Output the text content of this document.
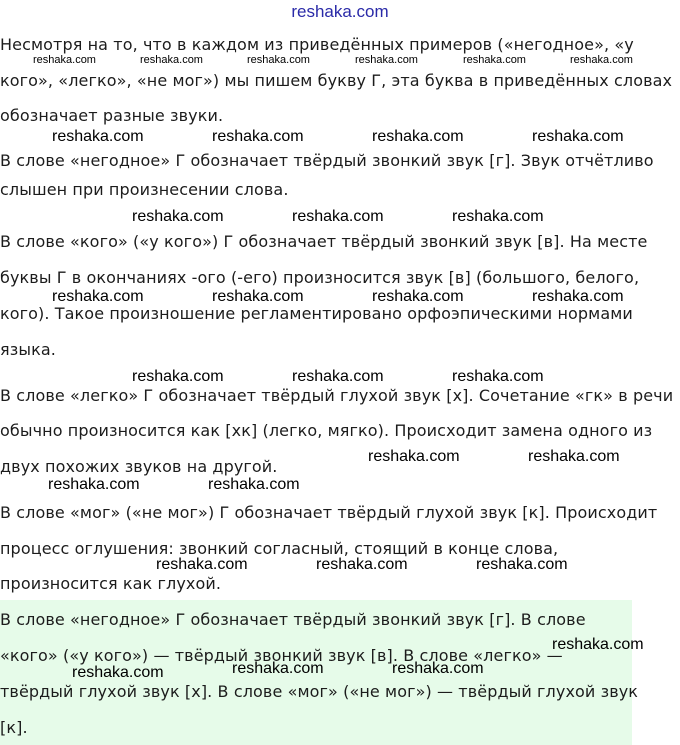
reshaka.com
Несмотря на то, что в каждом из приведённых примеров («негодное», «у
кого», «легко», «не мог») мы пишем букву Г, эта буква в приведённых словах
обозначает разные звуки.
В слове «негодное» Г обозначает твёрдый звонкий звук [г]. Звук отчётливо
слышен при произнесении слова.
В слове «кого» («у кого») Г обозначает твёрдый звонкий звук [в]. На месте
буквы Г в окончаниях -ого (-его) произносится звук [в] (большого, белого,
кого). Такое произношение регламентировано орфоэпическими нормами
языка.
В слове «легко» Г обозначает твёрдый глухой звук [х]. Сочетание «гк» в речи
обычно произносится как [хк] (легко, мягко). Происходит замена одного из
двух похожих звуков на другой.
В слове «мог» («не мог») Г обозначает твёрдый глухой звук [к]. Происходит
процесс оглушения: звонкий согласный, стоящий в конце слова,
произносится как глухой.
В слове «негодное» Г обозначает твёрдый звонкий звук [г]. В слове
«кого» («у кого») — твёрдый звонкий звук [в]. В слове «легко» —
твёрдый глухой звук [х]. В слове «мог» («не мог») — твёрдый глухой звук
[к].
reshaka.com	reshaka.com	reshaka.com	reshaka.com	reshaka.com	reshaka.com
reshaka.com	reshaka.com	reshaka.com	reshaka.com
reshaka.com	reshaka.com	reshaka.com
reshaka.com	reshaka.com	reshaka.com	reshaka.com
reshaka.com	reshaka.com	reshaka.com
reshaka.com	reshaka.com
reshaka.com	reshaka.com
reshaka.com	reshaka.com	reshaka.com
reshaka.com
reshaka.com	reshaka.com	reshaka.com
